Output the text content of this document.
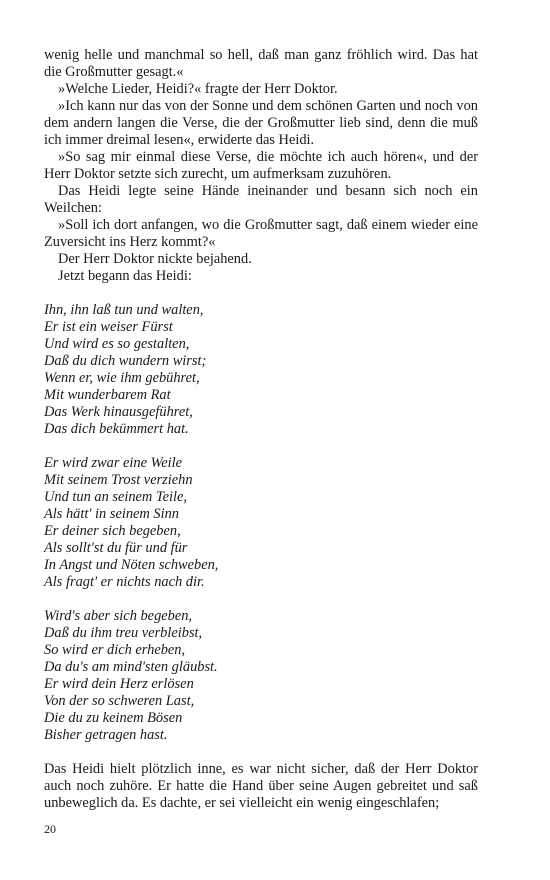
wenig helle und manchmal so hell, daß man ganz fröhlich wird. Das hat die Großmutter gesagt.«

»Welche Lieder, Heidi?« fragte der Herr Doktor.

»Ich kann nur das von der Sonne und dem schönen Garten und noch von dem andern langen die Verse, die der Großmutter lieb sind, denn die muß ich immer dreimal lesen«, erwiderte das Heidi.

»So sag mir einmal diese Verse, die möchte ich auch hören«, und der Herr Doktor setzte sich zurecht, um aufmerksam zuzuhören.

Das Heidi legte seine Hände ineinander und besann sich noch ein Weilchen:

»Soll ich dort anfangen, wo die Großmutter sagt, daß einem wieder eine Zuversicht ins Herz kommt?«

Der Herr Doktor nickte bejahend.

Jetzt begann das Heidi:

Ihn, ihn laß tun und walten,
Er ist ein weiser Fürst
Und wird es so gestalten,
Daß du dich wundern wirst;
Wenn er, wie ihm gebühret,
Mit wunderbarem Rat
Das Werk hinausgeführet,
Das dich bekümmert hat.
Er wird zwar eine Weile
Mit seinem Trost verziehn
Und tun an seinem Teile,
Als hätt' in seinem Sinn
Er deiner sich begeben,
Als sollt'st du für und für
In Angst und Nöten schweben,
Als fragt' er nichts nach dir.
Wird's aber sich begeben,
Daß du ihm treu verbleibst,
So wird er dich erheben,
Da du's am mind'sten gläubst.
Er wird dein Herz erlösen
Von der so schweren Last,
Die du zu keinem Bösen
Bisher getragen hast.

Das Heidi hielt plötzlich inne, es war nicht sicher, daß der Herr Doktor auch noch zuhöre. Er hatte die Hand über seine Augen gebreitet und saß unbeweglich da. Es dachte, er sei vielleicht ein wenig eingeschlafen;

20
